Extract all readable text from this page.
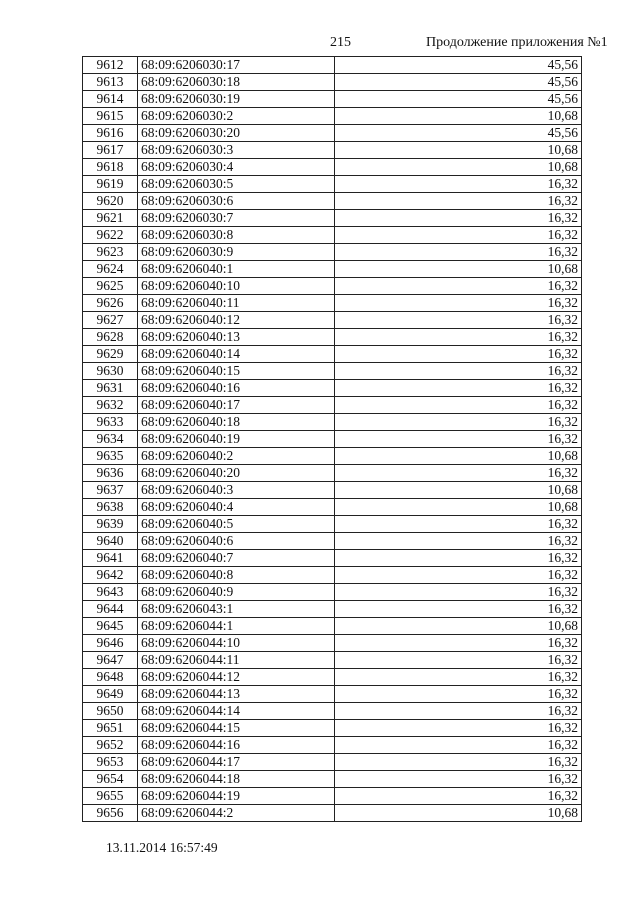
215	Продолжение приложения №1
9612	68:09:6206030:17	45,56
9613	68:09:6206030:18	45,56
9614	68:09:6206030:19	45,56
9615	68:09:6206030:2	10,68
9616	68:09:6206030:20	45,56
9617	68:09:6206030:3	10,68
9618	68:09:6206030:4	10,68
9619	68:09:6206030:5	16,32
9620	68:09:6206030:6	16,32
9621	68:09:6206030:7	16,32
9622	68:09:6206030:8	16,32
9623	68:09:6206030:9	16,32
9624	68:09:6206040:1	10,68
9625	68:09:6206040:10	16,32
9626	68:09:6206040:11	16,32
9627	68:09:6206040:12	16,32
9628	68:09:6206040:13	16,32
9629	68:09:6206040:14	16,32
9630	68:09:6206040:15	16,32
9631	68:09:6206040:16	16,32
9632	68:09:6206040:17	16,32
9633	68:09:6206040:18	16,32
9634	68:09:6206040:19	16,32
9635	68:09:6206040:2	10,68
9636	68:09:6206040:20	16,32
9637	68:09:6206040:3	10,68
9638	68:09:6206040:4	10,68
9639	68:09:6206040:5	16,32
9640	68:09:6206040:6	16,32
9641	68:09:6206040:7	16,32
9642	68:09:6206040:8	16,32
9643	68:09:6206040:9	16,32
9644	68:09:6206043:1	16,32
9645	68:09:6206044:1	10,68
9646	68:09:6206044:10	16,32
9647	68:09:6206044:11	16,32
9648	68:09:6206044:12	16,32
9649	68:09:6206044:13	16,32
9650	68:09:6206044:14	16,32
9651	68:09:6206044:15	16,32
9652	68:09:6206044:16	16,32
9653	68:09:6206044:17	16,32
9654	68:09:6206044:18	16,32
9655	68:09:6206044:19	16,32
9656	68:09:6206044:2	10,68
13.11.2014 16:57:49
